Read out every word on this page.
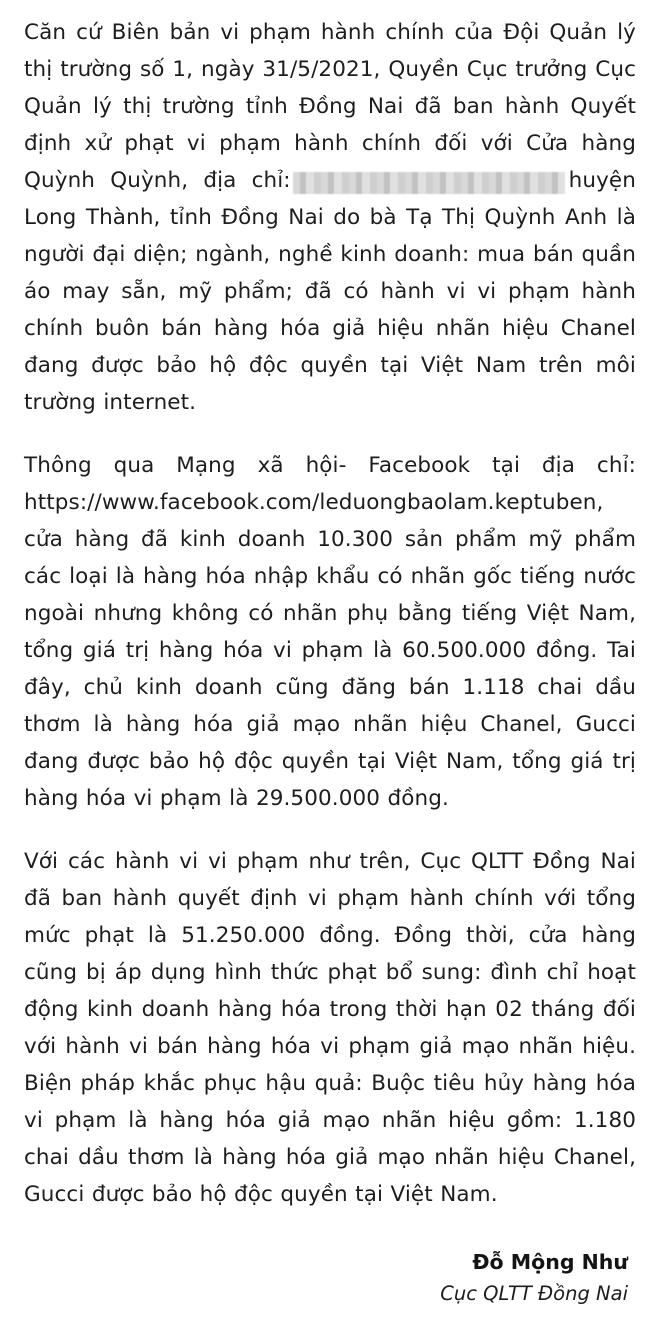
Căn cứ Biên bản vi phạm hành chính của Đội Quản lý thị trường số 1, ngày 31/5/2021, Quyền Cục trưởng Cục Quản lý thị trường tỉnh Đồng Nai đã ban hành Quyết định xử phạt vi phạm hành chính đối với Cửa hàng Quỳnh Quỳnh, địa chỉ:	huyện Long Thành, tỉnh Đồng Nai do bà Tạ Thị Quỳnh Anh là người đại diện; ngành, nghề kinh doanh: mua bán quần áo may sẵn, mỹ phẩm; đã có hành vi vi phạm hành chính buôn bán hàng hóa giả hiệu nhãn hiệu Chanel đang được bảo hộ độc quyền tại Việt Nam trên môi trường internet.

Thông qua Mạng xã hội- Facebook tại địa chỉ: https://www.facebook.com/leduongbaolam.keptuben, cửa hàng đã kinh doanh 10.300 sản phẩm mỹ phẩm các loại là hàng hóa nhập khẩu có nhãn gốc tiếng nước ngoài nhưng không có nhãn phụ bằng tiếng Việt Nam, tổng giá trị hàng hóa vi phạm là 60.500.000 đồng. Tai đây, chủ kinh doanh cũng đăng bán 1.118 chai dầu thơm là hàng hóa giả mạo nhãn hiệu Chanel, Gucci đang được bảo hộ độc quyền tại Việt Nam, tổng giá trị hàng hóa vi phạm là 29.500.000 đồng.

Với các hành vi vi phạm như trên, Cục QLTT Đồng Nai đã ban hành quyết định vi phạm hành chính với tổng mức phạt là 51.250.000 đồng. Đồng thời, cửa hàng cũng bị áp dụng hình thức phạt bổ sung: đình chỉ hoạt động kinh doanh hàng hóa trong thời hạn 02 tháng đối với hành vi bán hàng hóa vi phạm giả mạo nhãn hiệu. Biện pháp khắc phục hậu quả: Buộc tiêu hủy hàng hóa vi phạm là hàng hóa giả mạo nhãn hiệu gồm: 1.180 chai dầu thơm là hàng hóa giả mạo nhãn hiệu Chanel, Gucci được bảo hộ độc quyền tại Việt Nam.

Đỗ Mộng Như
Cục QLTT Đồng Nai
